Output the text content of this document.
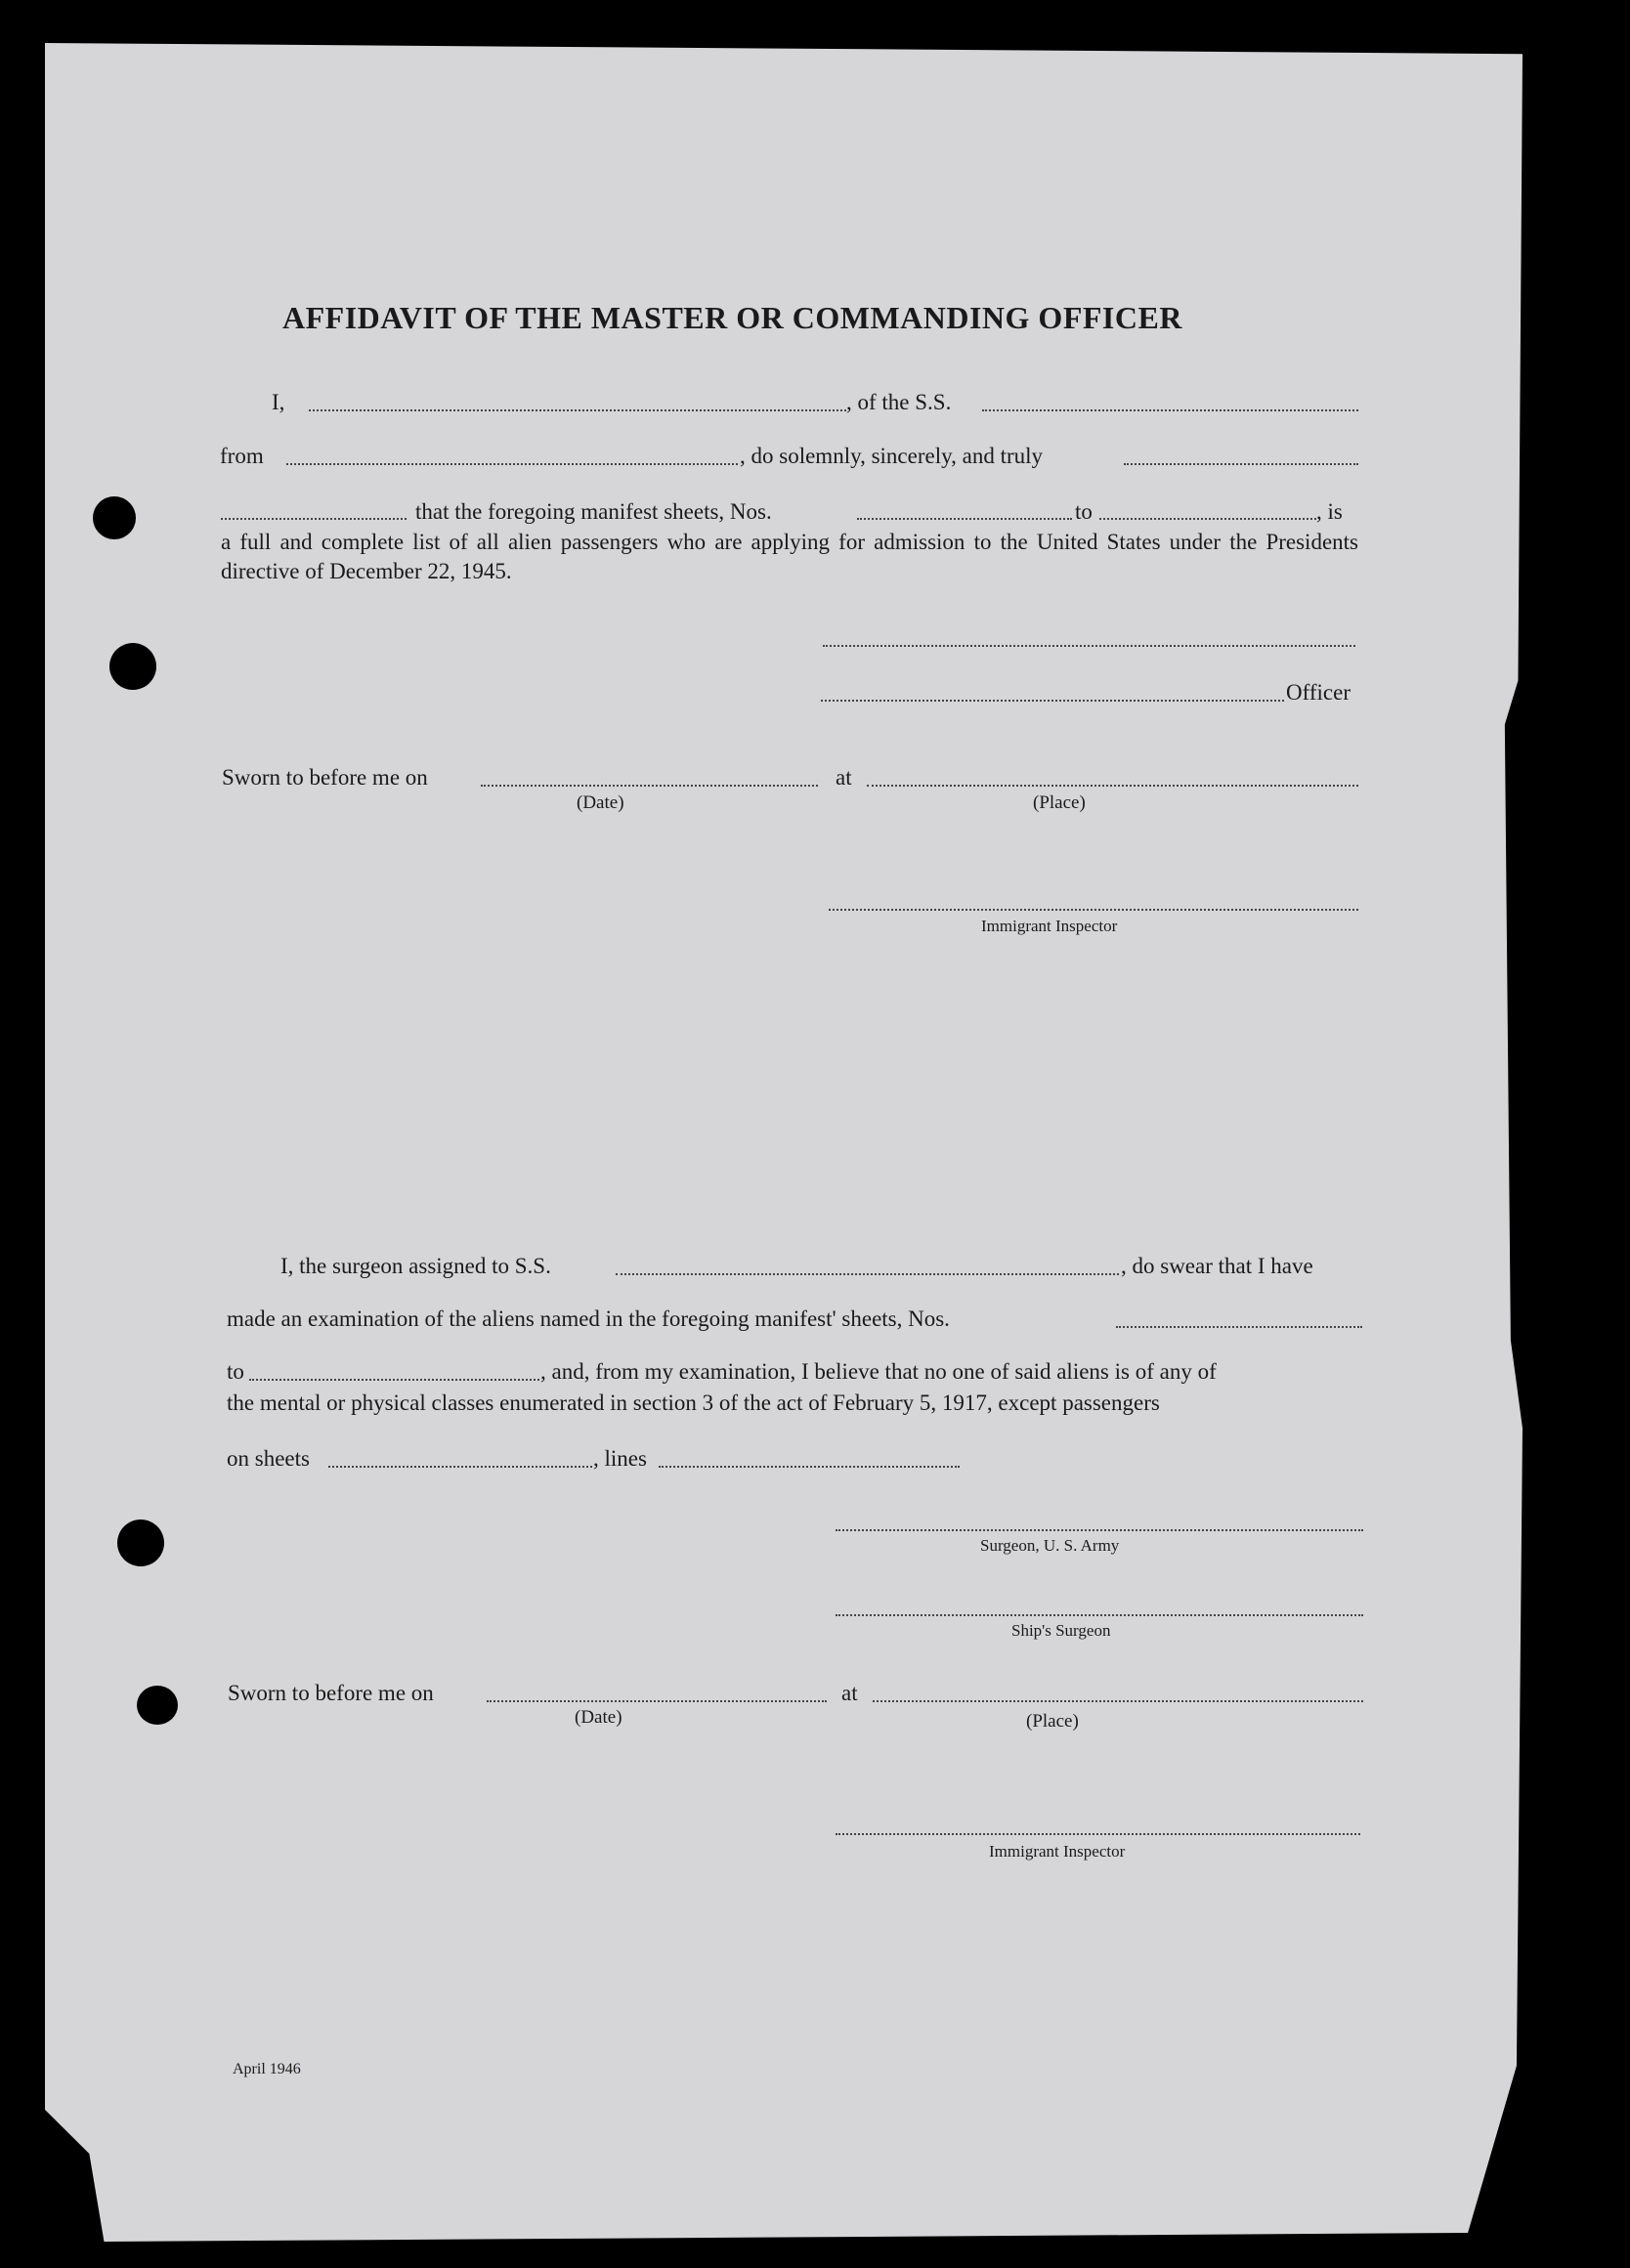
AFFIDAVIT OF THE MASTER OR COMMANDING OFFICER
I,	, of the S.S.
from	, do solemnly, sincerely, and truly
that the foregoing manifest sheets, Nos.	to	, is
a full and complete list of all alien passengers who are applying for admission to the United States under the Presidents directive of December 22, 1945.
Officer
Sworn to before me on	at
(Date)	(Place)
Immigrant Inspector
I, the surgeon assigned to S.S.	, do swear that I have
made an examination of the aliens named in the foregoing manifest' sheets, Nos.
to	, and, from my examination, I believe that no one of said aliens is of any of
the mental or physical classes enumerated in section 3 of the act of February 5, 1917, except passengers
on sheets	, lines
Surgeon, U. S. Army
Ship's Surgeon
Sworn to before me on	at
(Date)	(Place)
Immigrant Inspector
April 1946
